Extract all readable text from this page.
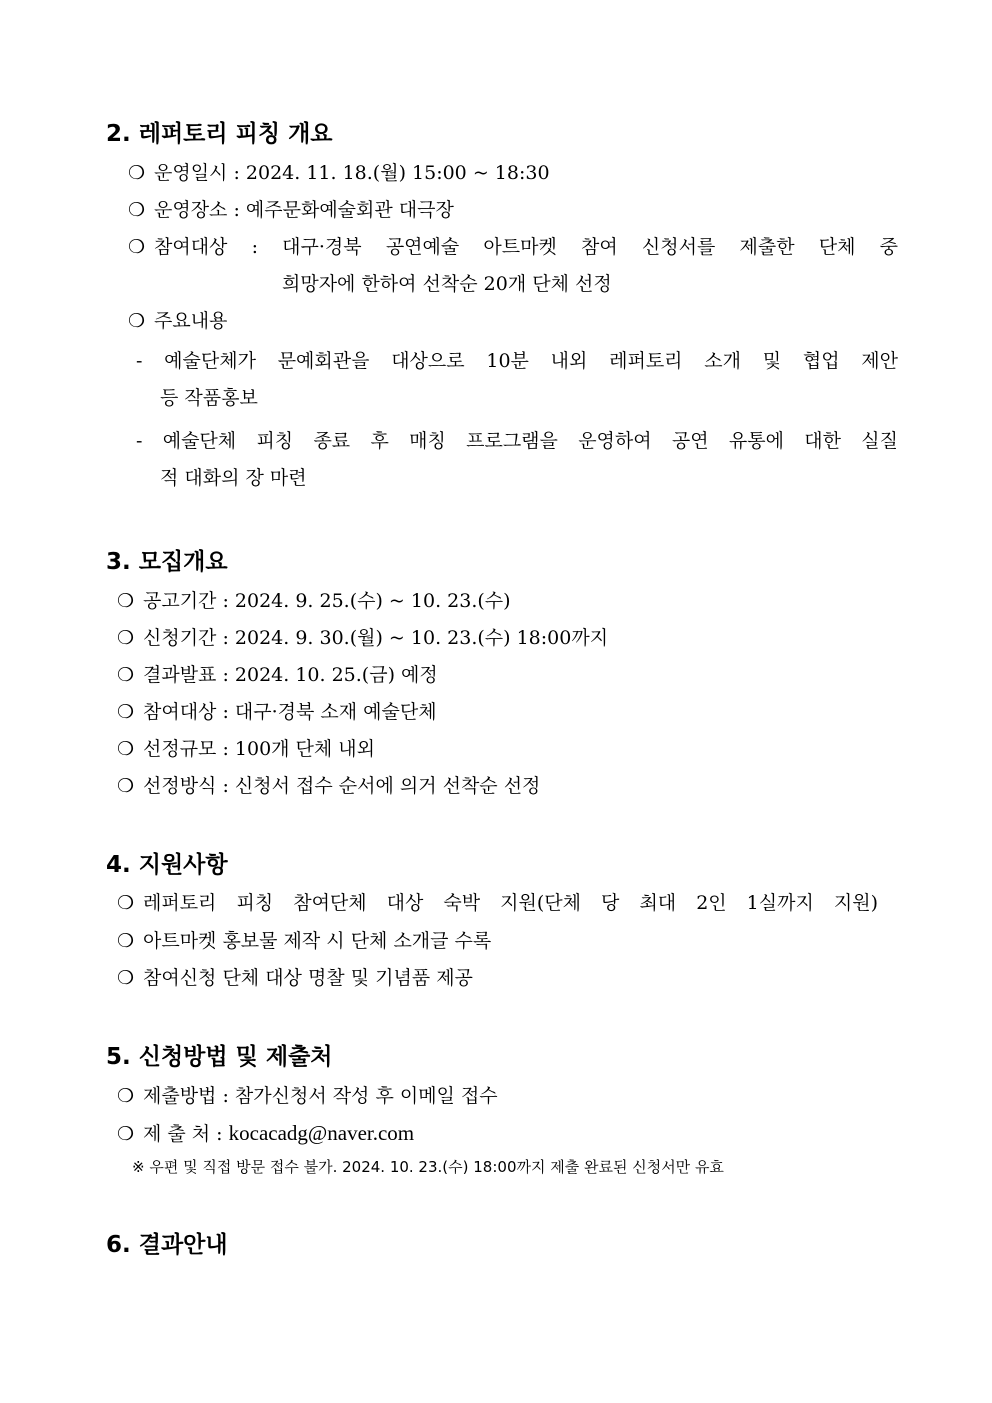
2. 레퍼토리 피칭 개요
❍ 운영일시 : 2024. 11. 18.(월) 15:00 ~ 18:30
❍ 운영장소 : 예주문화예술회관 대극장
❍ 참여대상 : 대구·경북 공연예술 아트마켓 참여 신청서를 제출한 단체 중
희망자에 한하여 선착순 20개 단체 선정
❍ 주요내용
- 예술단체가 문예회관을 대상으로 10분 내외 레퍼토리 소개 및 협업 제안
등 작품홍보
- 예술단체 피칭 종료 후 매칭 프로그램을 운영하여 공연 유통에 대한 실질
적 대화의 장 마련
3. 모집개요
❍ 공고기간 : 2024. 9. 25.(수) ~ 10. 23.(수)
❍ 신청기간 : 2024. 9. 30.(월) ~ 10. 23.(수) 18:00까지
❍ 결과발표 : 2024. 10. 25.(금) 예정
❍ 참여대상 : 대구·경북 소재 예술단체
❍ 선정규모 : 100개 단체 내외
❍ 선정방식 : 신청서 접수 순서에 의거 선착순 선정
4. 지원사항
❍ 레퍼토리 피칭 참여단체 대상 숙박 지원(단체 당 최대 2인 1실까지 지원)
❍ 아트마켓 홍보물 제작 시 단체 소개글 수록
❍ 참여신청 단체 대상 명찰 및 기념품 제공
5. 신청방법 및 제출처
❍ 제출방법 : 참가신청서 작성 후 이메일 접수
❍ 제 출 처 : kocacadg@naver.com
※ 우편 및 직접 방문 접수 불가. 2024. 10. 23.(수) 18:00까지 제출 완료된 신청서만 유효
6. 결과안내
